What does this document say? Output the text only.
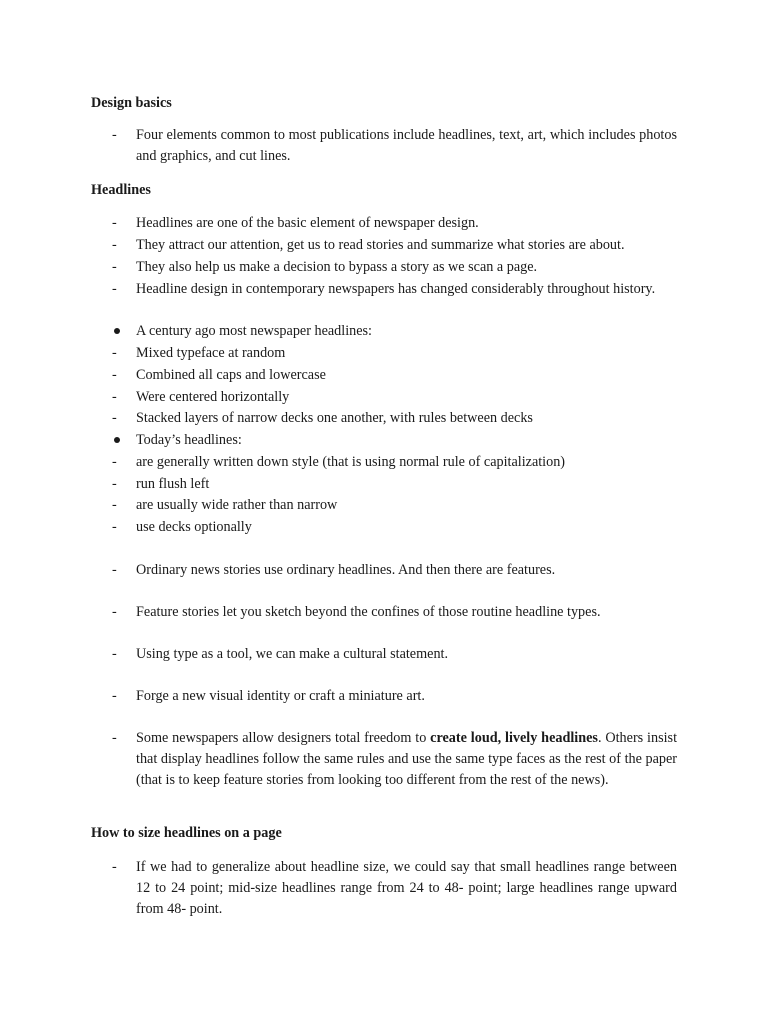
Design basics
-	Four elements common to most publications include headlines, text, art, which includes photos and graphics, and cut lines.
Headlines
-	Headlines are one of the basic element of newspaper design.
-	They attract our attention, get us to read stories and summarize what stories are about.
-	They also help us make a decision to bypass a story as we scan a page.
-	Headline design in contemporary newspapers has changed considerably throughout history.
A century ago most newspaper headlines:
-	Mixed typeface at random
-	Combined all caps and lowercase
-	Were centered horizontally
-	Stacked layers of narrow decks one another, with rules between decks
Today’s headlines:
-	are generally written down style (that is using normal rule of capitalization)
-	run flush left
-	are usually wide rather than narrow
-	use decks optionally
-	Ordinary news stories use ordinary headlines. And then there are features.
-	Feature stories let you sketch beyond the confines of those routine headline types.
-	Using type as a tool, we can make a cultural statement.
-	Forge a new visual identity or craft a miniature art.
-	Some newspapers allow designers total freedom to create loud, lively headlines. Others insist that display headlines follow the same rules and use the same type faces as the rest of the paper (that is to keep feature stories from looking too different from the rest of the news).
How to size headlines on a page
-	If we had to generalize about headline size, we could say that small headlines range between 12 to 24 point; mid-size headlines range from 24 to 48- point; large headlines range upward from 48- point.
